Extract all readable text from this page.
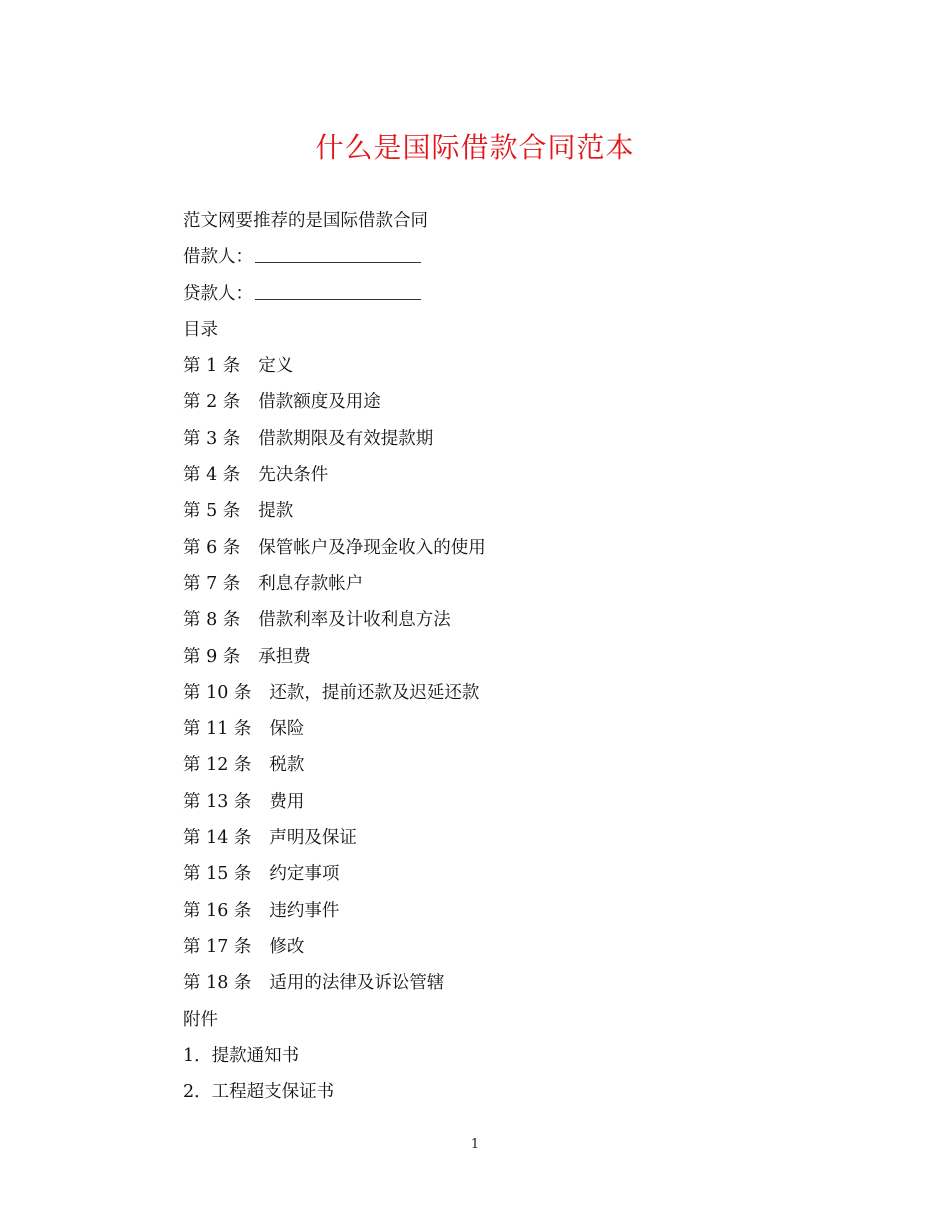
什么是国际借款合同范本
范文网要推荐的是国际借款合同
借款人：
贷款人：
目录
第 1 条 定义
第 2 条 借款额度及用途
第 3 条 借款期限及有效提款期
第 4 条 先决条件
第 5 条 提款
第 6 条 保管帐户及净现金收入的使用
第 7 条 利息存款帐户
第 8 条 借款利率及计收利息方法
第 9 条 承担费
第 10 条 还款，提前还款及迟延还款
第 11 条 保险
第 12 条 税款
第 13 条 费用
第 14 条 声明及保证
第 15 条 约定事项
第 16 条 违约事件
第 17 条 修改
第 18 条 适用的法律及诉讼管辖
附件
1．提款通知书
2．工程超支保证书
1
